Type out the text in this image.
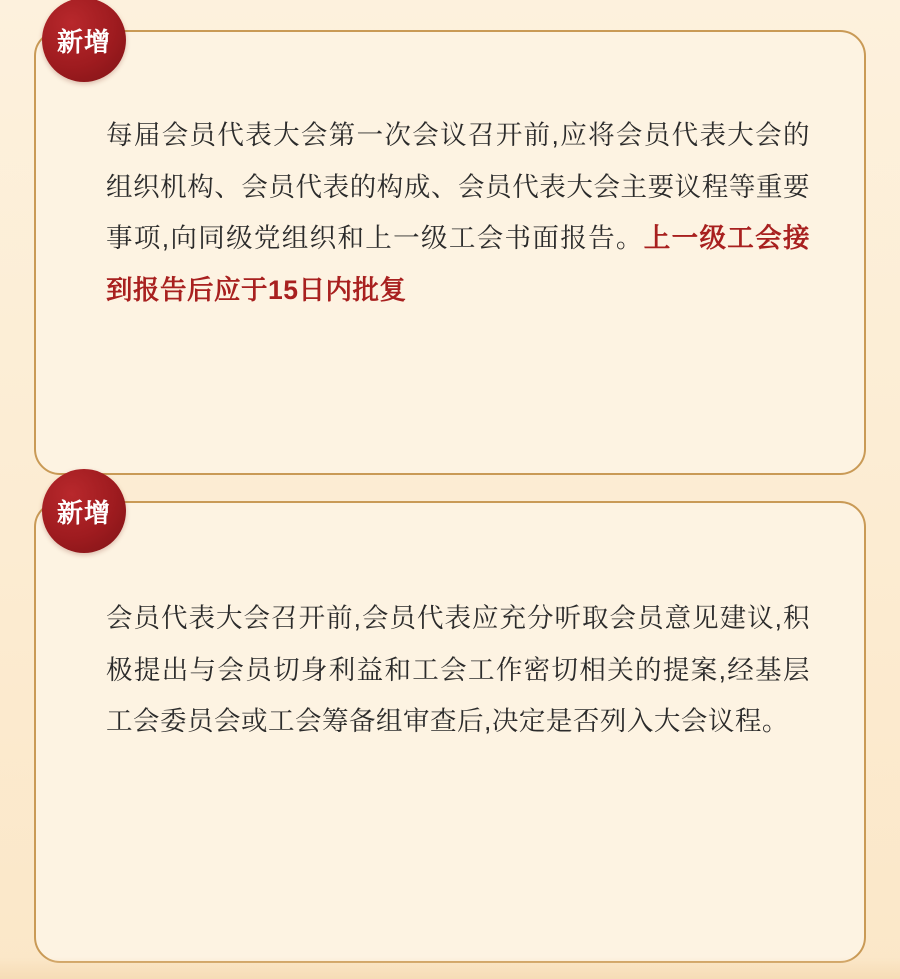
新增
每届会员代表大会第一次会议召开前,应将会员代表大会的组织机构、会员代表的构成、会员代表大会主要议程等重要事项,向同级党组织和上一级工会书面报告。上一级工会接到报告后应于15日内批复
新增
会员代表大会召开前,会员代表应充分听取会员意见建议,积极提出与会员切身利益和工会工作密切相关的提案,经基层工会委员会或工会筹备组审查后,决定是否列入大会议程。
